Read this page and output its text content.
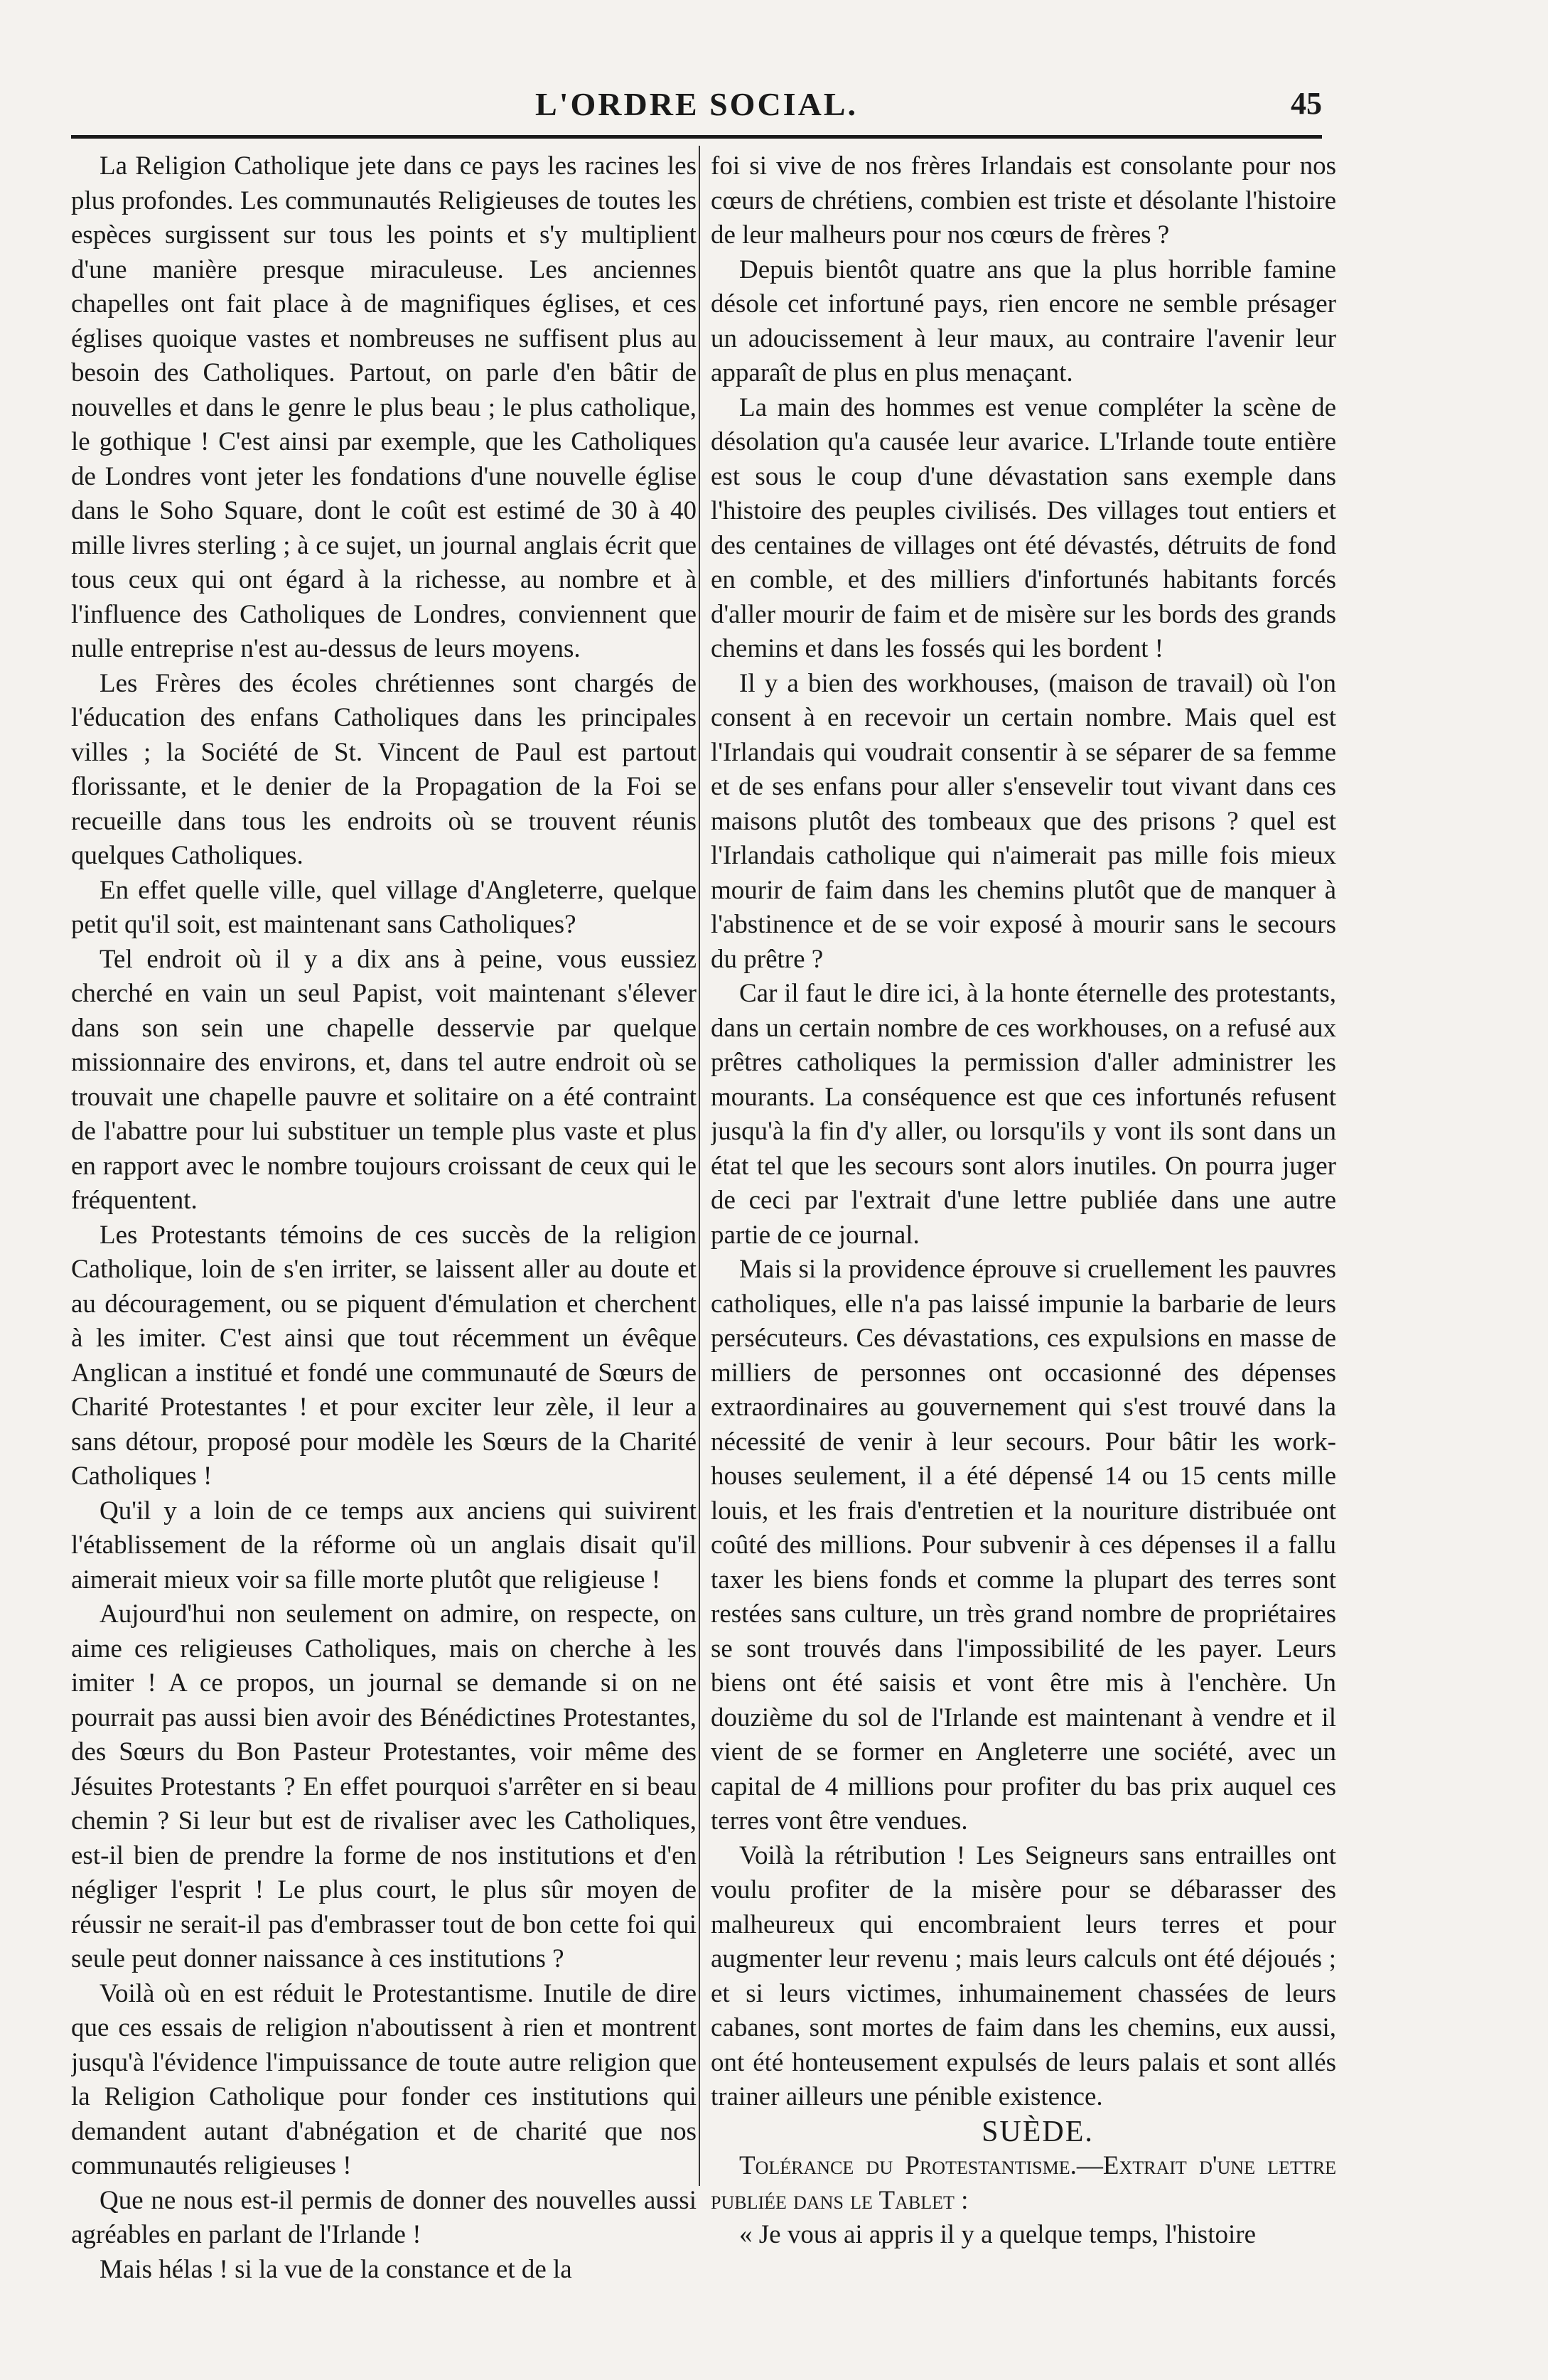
L'ORDRE SOCIAL.	45

La Religion Catholique jete dans ce pays les racines les plus profondes. Les communautés Religieuses de toutes les espèces surgissent sur tous les points et s'y multiplient d'une manière presque miraculeuse. Les anciennes chapelles ont fait place à de magnifiques églises, et ces églises quoique vastes et nombreuses ne suffisent plus au besoin des Catholiques. Partout, on parle d'en bâtir de nouvelles et dans le genre le plus beau ; le plus catholique, le gothique ! C'est ainsi par exemple, que les Catholiques de Londres vont jeter les fondations d'une nouvelle église dans le Soho Square, dont le coût est estimé de 30 à 40 mille livres sterling ; à ce sujet, un journal anglais écrit que tous ceux qui ont égard à la richesse, au nombre et à l'influence des Catholiques de Londres, conviennent que nulle entreprise n'est au-dessus de leurs moyens.

Les Frères des écoles chrétiennes sont chargés de l'éducation des enfans Catholiques dans les principales villes ; la Société de St. Vincent de Paul est partout florissante, et le denier de la Propagation de la Foi se recueille dans tous les endroits où se trouvent réunis quelques Catholiques.

En effet quelle ville, quel village d'Angleterre, quelque petit qu'il soit, est maintenant sans Catholiques?

Tel endroit où il y a dix ans à peine, vous eussiez cherché en vain un seul Papist, voit maintenant s'élever dans son sein une chapelle desservie par quelque missionnaire des environs, et, dans tel autre endroit où se trouvait une chapelle pauvre et solitaire on a été contraint de l'abattre pour lui substituer un temple plus vaste et plus en rapport avec le nombre toujours croissant de ceux qui le fréquentent.

Les Protestants témoins de ces succès de la religion Catholique, loin de s'en irriter, se laissent aller au doute et au découragement, ou se piquent d'émulation et cherchent à les imiter. C'est ainsi que tout récemment un évêque Anglican a institué et fondé une communauté de Sœurs de Charité Protestantes ! et pour exciter leur zèle, il leur a sans détour, proposé pour modèle les Sœurs de la Charité Catholiques !

Qu'il y a loin de ce temps aux anciens qui suivirent l'établissement de la réforme où un anglais disait qu'il aimerait mieux voir sa fille morte plutôt que religieuse !

Aujourd'hui non seulement on admire, on respecte, on aime ces religieuses Catholiques, mais on cherche à les imiter ! A ce propos, un journal se demande si on ne pourrait pas aussi bien avoir des Bénédictines Protestantes, des Sœurs du Bon Pasteur Protestantes, voir même des Jésuites Protestants ? En effet pourquoi s'arrêter en si beau chemin ? Si leur but est de rivaliser avec les Catholiques, est-il bien de prendre la forme de nos institutions et d'en négliger l'esprit ! Le plus court, le plus sûr moyen de réussir ne serait-il pas d'embrasser tout de bon cette foi qui seule peut donner naissance à ces institutions ?

Voilà où en est réduit le Protestantisme. Inutile de dire que ces essais de religion n'aboutissent à rien et montrent jusqu'à l'évidence l'impuissance de toute autre religion que la Religion Catholique pour fonder ces institutions qui demandent autant d'abnégation et de charité que nos communautés religieuses !

Que ne nous est-il permis de donner des nouvelles aussi agréables en parlant de l'Irlande !

Mais hélas ! si la vue de la constance et de la

foi si vive de nos frères Irlandais est consolante pour nos cœurs de chrétiens, combien est triste et désolante l'histoire de leur malheurs pour nos cœurs de frères ?

Depuis bientôt quatre ans que la plus horrible famine désole cet infortuné pays, rien encore ne semble présager un adoucissement à leur maux, au contraire l'avenir leur apparaît de plus en plus menaçant.

La main des hommes est venue compléter la scène de désolation qu'a causée leur avarice. L'Irlande toute entière est sous le coup d'une dévastation sans exemple dans l'histoire des peuples civilisés. Des villages tout entiers et des centaines de villages ont été dévastés, détruits de fond en comble, et des milliers d'infortunés habitants forcés d'aller mourir de faim et de misère sur les bords des grands chemins et dans les fossés qui les bordent !

Il y a bien des workhouses, (maison de travail) où l'on consent à en recevoir un certain nombre. Mais quel est l'Irlandais qui voudrait consentir à se séparer de sa femme et de ses enfans pour aller s'ensevelir tout vivant dans ces maisons plutôt des tombeaux que des prisons ? quel est l'Irlandais catholique qui n'aimerait pas mille fois mieux mourir de faim dans les chemins plutôt que de manquer à l'abstinence et de se voir exposé à mourir sans le secours du prêtre ?

Car il faut le dire ici, à la honte éternelle des protestants, dans un certain nombre de ces workhouses, on a refusé aux prêtres catholiques la permission d'aller administrer les mourants. La conséquence est que ces infortunés refusent jusqu'à la fin d'y aller, ou lorsqu'ils y vont ils sont dans un état tel que les secours sont alors inutiles. On pourra juger de ceci par l'extrait d'une lettre publiée dans une autre partie de ce journal.

Mais si la providence éprouve si cruellement les pauvres catholiques, elle n'a pas laissé impunie la barbarie de leurs persécuteurs. Ces dévastations, ces expulsions en masse de milliers de personnes ont occasionné des dépenses extraordinaires au gouvernement qui s'est trouvé dans la nécessité de venir à leur secours. Pour bâtir les work-houses seulement, il a été dépensé 14 ou 15 cents mille louis, et les frais d'entretien et la nouriture distribuée ont coûté des millions. Pour subvenir à ces dépenses il a fallu taxer les biens fonds et comme la plupart des terres sont restées sans culture, un très grand nombre de propriétaires se sont trouvés dans l'impossibilité de les payer. Leurs biens ont été saisis et vont être mis à l'enchère. Un douzième du sol de l'Irlande est maintenant à vendre et il vient de se former en Angleterre une société, avec un capital de 4 millions pour profiter du bas prix auquel ces terres vont être vendues.

Voilà la rétribution ! Les Seigneurs sans entrailles ont voulu profiter de la misère pour se débarasser des malheureux qui encombraient leurs terres et pour augmenter leur revenu ; mais leurs calculs ont été déjoués ; et si leurs victimes, inhumainement chassées de leurs cabanes, sont mortes de faim dans les chemins, eux aussi, ont été honteusement expulsés de leurs palais et sont allés trainer ailleurs une pénible existence.

SUÈDE.

Tolérance du Protestantisme.—Extrait d'une lettre publiée dans le Tablet :

« Je vous ai appris il y a quelque temps, l'histoire
